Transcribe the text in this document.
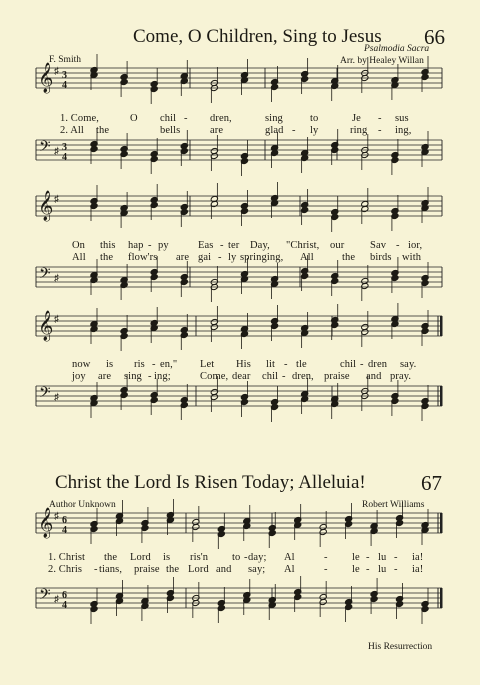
Come, O Children, Sing to Jesus 66
F. Smith
Psalmodia Sacra
Arr. by Healey Willan
1. Come,	O chil - dren,	sing	to	Je - sus
2. All the	bells	are	glad - ly	ring - ing,
On this hap - py	Eas - ter Day, "Christ, our Sav - ior,
All the flow'rs are gai - ly springing, All	the birds with
now is ris - en," Let His lit - tle	chil - dren say.
joy are sing - ing;	Come, dear chil - dren, praise and pray.
Christ the Lord Is Risen Today; Alleluia!	67
Author Unknown	Robert Williams
1. Christ the Lord is ris'n to - day; Al	- le - lu - ia!
2. Chris - tians, praise the Lord and say; Al	- le - lu - ia!
His Resurrection
𝄞 ♯ 3
4
𝄢 ♯ 3
4
𝄞 ♯
𝄢 ♯
𝄞 ♯
𝄢 ♯
𝄞 ♯ 6
4
𝄢 ♯ 6
4
